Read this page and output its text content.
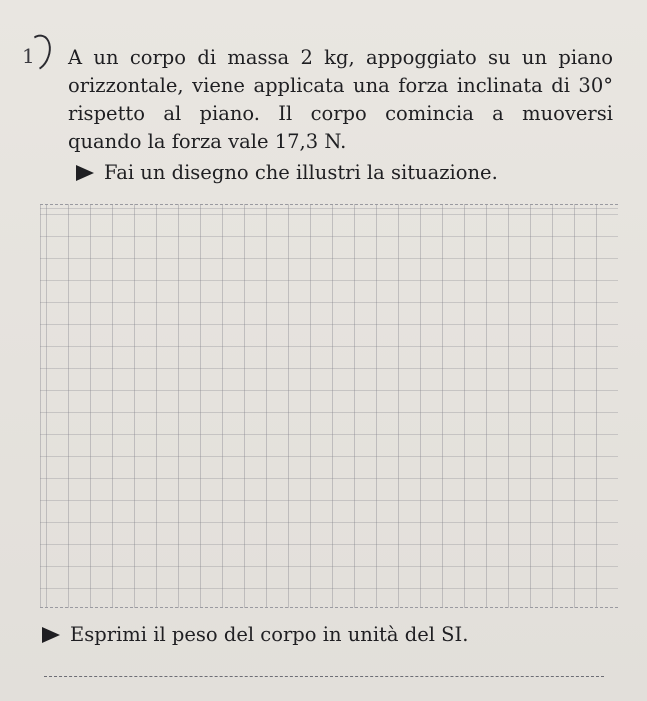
1 A un corpo di massa 2 kg, appoggiato su un piano
orizzontale, viene applicata una forza inclinata di 30°
rispetto al piano. Il corpo comincia a muoversi
quando la forza vale 17,3 N.
Fai un disegno che illustri la situazione.
Esprimi il peso del corpo in unità del SI.
